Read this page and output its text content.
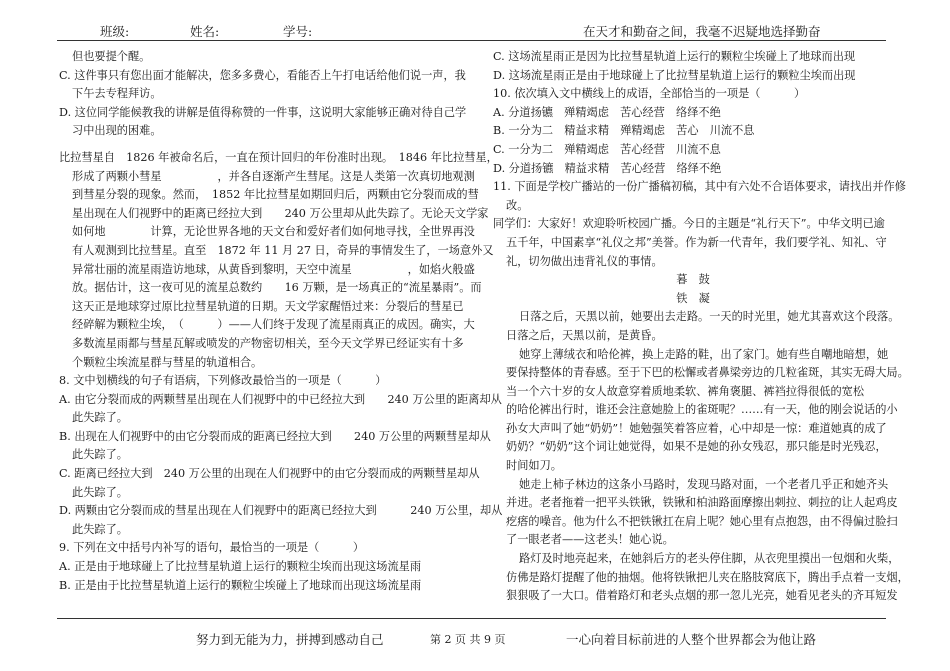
班级:	姓名:	学号:	在天才和勤奋之间，我毫不迟疑地选择勤奋
但也要提个醒。
C. 这件事只有您出面才能解决，您多多费心，看能否上午打电话给他们说一声，我
下午去专程拜访。
D. 这位同学能候教我的讲解是值得称赞的一件事，这说明大家能够正确对待自己学
习中出现的困难。
比拉彗星自　1826 年被命名后，一直在预计回归的年份准时出现。　1846 年比拉彗星，
形成了两颗小彗星　　　　　，并各自逐渐产生彗尾。这是人类第一次真切地观测
到彗星分裂的现象。然而，　1852 年比拉彗星如期回归后，两颗由它分裂而成的彗
星出现在人们视野中的距离已经拉大到　　240 万公里却从此失踪了。无论天文学家
如何地　　　　计算，无论世界各地的天文台和爱好者们如何地寻找，全世界再没
有人观测到比拉彗星。直至　1872 年 11 月 27 日，奇异的事情发生了，一场意外又
异常壮丽的流星雨造访地球，从黄昏到黎明，天空中流星　　　　　，如焰火般盛
放。据估计，这一夜可见的流星总数约　　16 万颗，是一场真正的“流星暴雨”。而
这天正是地球穿过原比拉彗星轨道的日期。天文学家醒悟过来：分裂后的彗星已
经碎解为颗粒尘埃，　（　　　）——人们终于发现了流星雨真正的成因。确实，大
多数流星雨都与彗星瓦解或喷发的产物密切相关，至今天文学界已经证实有十多
个颗粒尘埃流星群与彗星的轨道相合。
8. 文中划横线的句子有语病，下列修改最恰当的一项是（　　　）
A. 由它分裂而成的两颗彗星出现在人们视野中的中已经拉大到　　240 万公里的距离却从
此失踪了。
B. 出现在人们视野中的由它分裂而成的距离已经拉大到　　240 万公里的两颗彗星却从
此失踪了。
C. 距离已经拉大到　240 万公里的出现在人们视野中的由它分裂而成的两颗彗星却从
此失踪了。
D. 两颗由它分裂而成的彗星出现在人们视野中的距离已经拉大到　　　240 万公里，却从
此失踪了。
9. 下列在文中括号内补写的语句，最恰当的一项是（　　　）
A. 正是由于地球碰上了比拉彗星轨道上运行的颗粒尘埃而出现这场流星雨
B. 正是由于比拉彗星轨道上运行的颗粒尘埃碰上了地球而出现这场流星雨
C. 这场流星雨正是因为比拉彗星轨道上运行的颗粒尘埃碰上了地球而出现
D. 这场流星雨正是由于地球碰上了比拉彗星轨道上运行的颗粒尘埃而出现
10. 依次填入文中横线上的成语，全部恰当的一项是（　　　）
A. 分道扬镳　殚精竭虑　苦心经营　络绎不绝
B. 一分为二　精益求精　殚精竭虑　苦心　川流不息
C. 一分为二　殚精竭虑　苦心经营　川流不息
D. 分道扬镳　精益求精　苦心经营　络绎不绝
11. 下面是学校广播站的一份广播稿初稿，其中有六处不合语体要求，请找出并作修
改。
同学们：大家好！欢迎聆听校园广播。今日的主题是“礼行天下”。中华文明已逾
五千年，中国素享“礼仪之邦”美誉。作为新一代青年，我们要学礼、知礼、守
礼，切勿做出违背礼仪的事情。
暮　鼓
铁　凝
日落之后，天黑以前，她要出去走路。一天的时光里，她尤其喜欢这个段落。
日落之后，天黑以前，是黄昏。
她穿上薄绒衣和哈伦裤，换上走路的鞋，出了家门。她有些自嘲地暗想，她
要保持整体的青春感。至于下巴的松懈或者鼻梁旁边的几粒雀斑，其实无碍大局。
当一个六十岁的女人故意穿着质地柔软、裤角褒腿、裤裆拉得很低的宽松
的哈伦裤出行时，谁还会注意她脸上的雀斑呢？……有一天，他的刚会说话的小
孙女大声叫了她“奶奶”！她勉强笑着答应着，心中却是一惊：难道她真的成了
奶奶？“奶奶”这个词让她觉得，如果不是她的孙女残忍，那只能是时光残忍，
时间如刀。
她走上柿子林边的这条小马路时，发现马路对面，一个老者几乎正和她齐头
并进。老者拖着一把平头铁锹，铁锹和柏油路面摩擦出刺拉、刺拉的让人起鸡皮
疙瘩的噪音。他为什么不把铁锹扛在肩上呢？她心里有点抱怨，由不得偏过脸扫
了一眼老者——这老头！她心说。
路灯及时地亮起来，在她斜后方的老头停住脚，从衣兜里摸出一包烟和火柴，
仿佛是路灯提醒了他的抽烟。他将铁锹把儿夹在胳肢窝底下，腾出手点着一支烟，
狠狠吸了一大口。借着路灯和老头点烟的那一忽儿光亮，她看见老头的齐耳短发
努力到无能为力，拼搏到感动自己	第 2 页 共 9 页	一心向着目标前进的人整个世界都会为他让路
